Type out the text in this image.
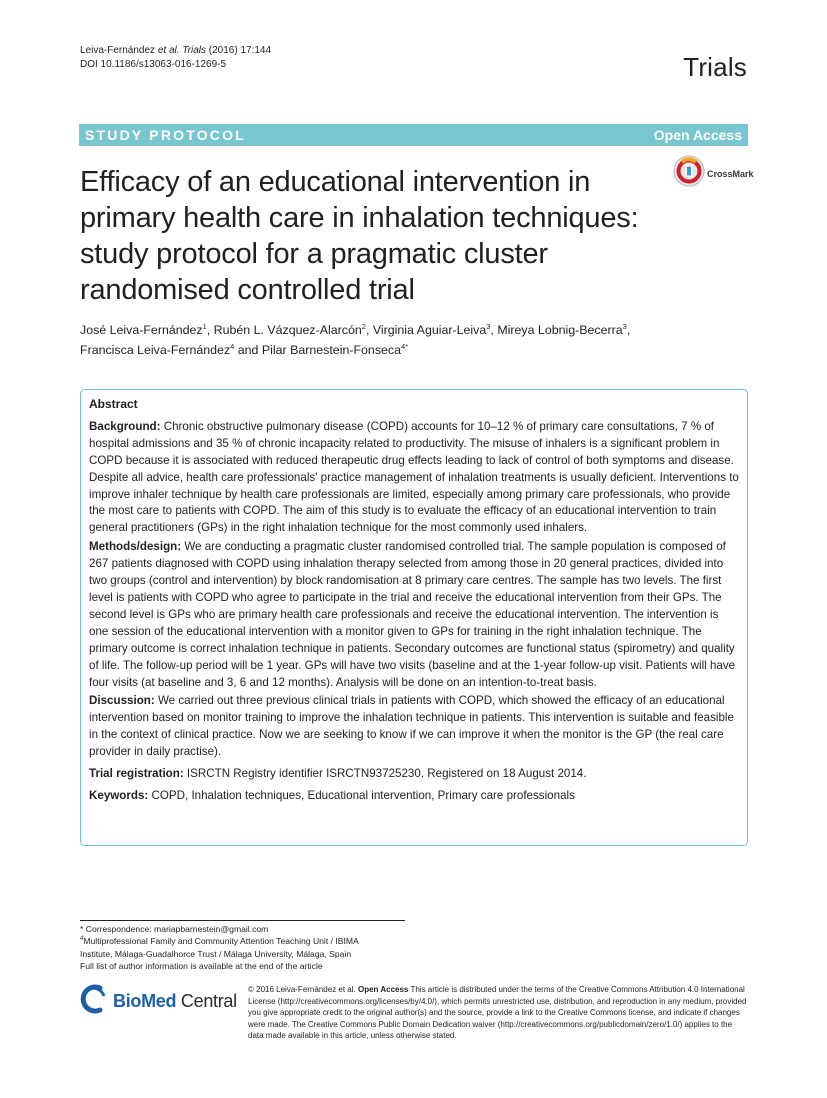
Leiva-Fernández et al. Trials (2016) 17:144
DOI 10.1186/s13063-016-1269-5	Trials
STUDY PROTOCOL	Open Access
Efficacy of an educational intervention in primary health care in inhalation techniques: study protocol for a pragmatic cluster randomised controlled trial
CrossMark
José Leiva-Fernández$^1$, Rubén L. Vázquez-Alarcón$^2$, Virginia Aguiar-Leiva$^3$, Mireya Lobnig-Becerra$^3$,
Francisca Leiva-Fernández$^4$ and Pilar Barnestein-Fonseca$^{4*}$
Abstract

Background: Chronic obstructive pulmonary disease (COPD) accounts for 10–12 % of primary care consultations, 7 % of hospital admissions and 35 % of chronic incapacity related to productivity. The misuse of inhalers is a significant problem in COPD because it is associated with reduced therapeutic drug effects leading to lack of control of both symptoms and disease. Despite all advice, health care professionals' practice management of inhalation treatments is usually deficient. Interventions to improve inhaler technique by health care professionals are limited, especially among primary care professionals, who provide the most care to patients with COPD. The aim of this study is to evaluate the efficacy of an educational intervention to train general practitioners (GPs) in the right inhalation technique for the most commonly used inhalers.

Methods/design: We are conducting a pragmatic cluster randomised controlled trial. The sample population is composed of 267 patients diagnosed with COPD using inhalation therapy selected from among those in 20 general practices, divided into two groups (control and intervention) by block randomisation at 8 primary care centres. The sample has two levels. The first level is patients with COPD who agree to participate in the trial and receive the educational intervention from their GPs. The second level is GPs who are primary health care professionals and receive the educational intervention. The intervention is one session of the educational intervention with a monitor given to GPs for training in the right inhalation technique. The primary outcome is correct inhalation technique in patients. Secondary outcomes are functional status (spirometry) and quality of life. The follow-up period will be 1 year. GPs will have two visits (baseline and at the 1-year follow-up visit. Patients will have four visits (at baseline and 3, 6 and 12 months). Analysis will be done on an intention-to-treat basis.

Discussion: We carried out three previous clinical trials in patients with COPD, which showed the efficacy of an educational intervention based on monitor training to improve the inhalation technique in patients. This intervention is suitable and feasible in the context of clinical practice. Now we are seeking to know if we can improve it when the monitor is the GP (the real care provider in daily practise).

Trial registration: ISRCTN Registry identifier ISRCTN93725230. Registered on 18 August 2014.

Keywords: COPD, Inhalation techniques, Educational intervention, Primary care professionals

* Correspondence: mariapbarnestein@gmail.com
$^4$Multiprofessional Family and Community Attention Teaching Unit / IBIMA
Institute, Málaga-Guadalhorce Trust / Málaga University, Málaga, Spain
Full list of author information is available at the end of the article
BioMed Central
© 2016 Leiva-Fernández et al. Open Access This article is distributed under the terms of the Creative Commons Attribution 4.0 International License (http://creativecommons.org/licenses/by/4.0/), which permits unrestricted use, distribution, and reproduction in any medium, provided you give appropriate credit to the original author(s) and the source, provide a link to the Creative Commons license, and indicate if changes were made. The Creative Commons Public Domain Dedication waiver (http://creativecommons.org/publicdomain/zero/1.0/) applies to the data made available in this article, unless otherwise stated.
